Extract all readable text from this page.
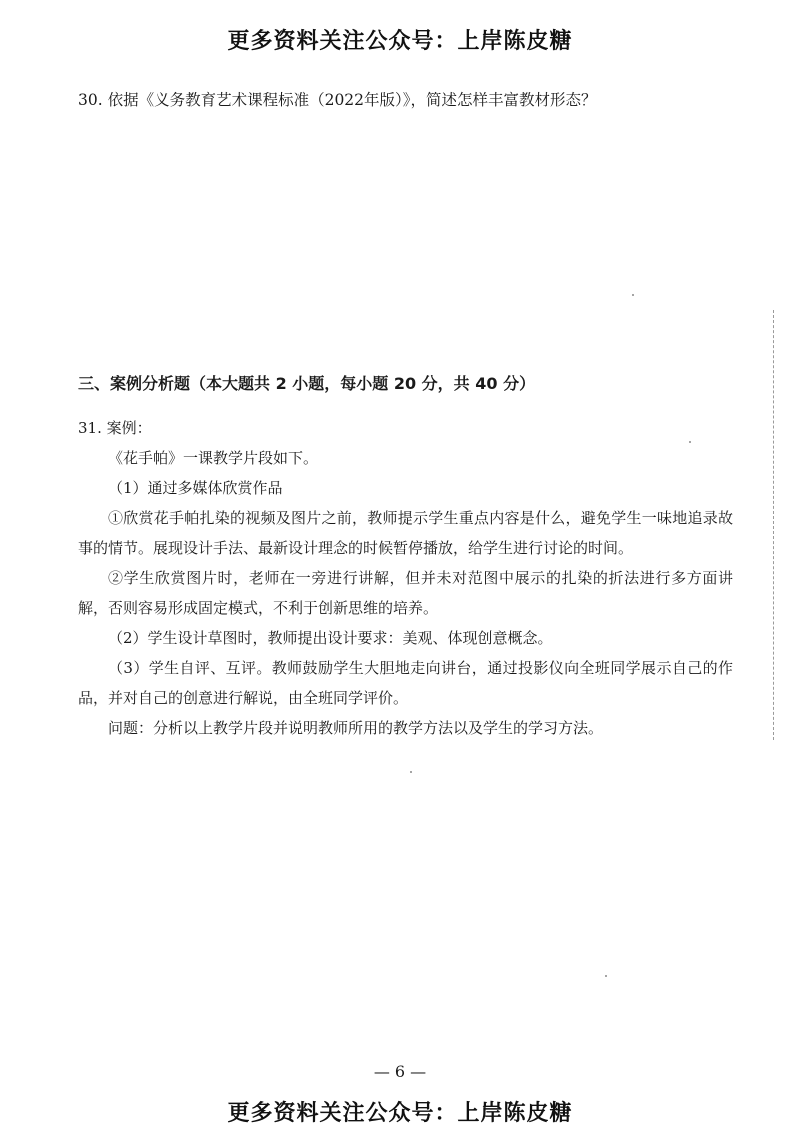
更多资料关注公众号：上岸陈皮糖
30. 依据《义务教育艺术课程标准（2022年版）》，简述怎样丰富教材形态？
三、案例分析题（本大题共 2 小题，每小题 20 分，共 40 分）
31. 案例：

《花手帕》一课教学片段如下。

（1）通过多媒体欣赏作品

①欣赏花手帕扎染的视频及图片之前，教师提示学生重点内容是什么，避免学生一味地追录故事的情节。展现设计手法、最新设计理念的时候暂停播放，给学生进行讨论的时间。

②学生欣赏图片时，老师在一旁进行讲解，但并未对范图中展示的扎染的折法进行多方面讲解，否则容易形成固定模式，不利于创新思维的培养。

（2）学生设计草图时，教师提出设计要求：美观、体现创意概念。

（3）学生自评、互评。教师鼓励学生大胆地走向讲台，通过投影仪向全班同学展示自己的作品，并对自己的创意进行解说，由全班同学评价。

问题：分析以上教学片段并说明教师所用的教学方法以及学生的学习方法。

— 6 —
更多资料关注公众号：上岸陈皮糖
